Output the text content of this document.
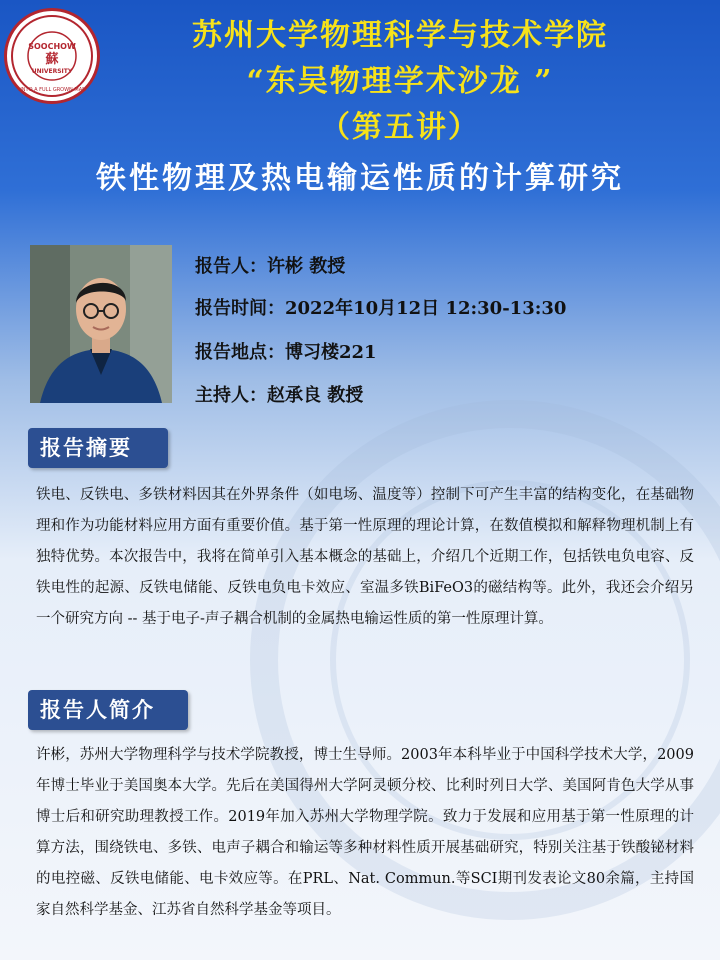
SOOCHOW
蘇
UNIVERSITY
UNTO A FULL GROWN MAN
苏州大学物理科学与技术学院
“东吴物理学术沙龙 ”
（第五讲）
铁性物理及热电输运性质的计算研究
报告人：许彬 教授
报告时间：2022年10月12日 12:30-13:30
报告地点：博习楼221
主持人：赵承良 教授
报告摘要
铁电、反铁电、多铁材料因其在外界条件（如电场、温度等）控制下可产生丰富的结构变化，在基础物理和作为功能材料应用方面有重要价值。基于第一性原理的理论计算，在数值模拟和解释物理机制上有独特优势。本次报告中，我将在简单引入基本概念的基础上，介绍几个近期工作，包括铁电负电容、反铁电性的起源、反铁电储能、反铁电负电卡效应、室温多铁BiFeO3的磁结构等。此外，我还会介绍另一个研究方向 -- 基于电子-声子耦合机制的金属热电输运性质的第一性原理计算。
报告人简介
许彬，苏州大学物理科学与技术学院教授，博士生导师。2003年本科毕业于中国科学技术大学，2009年博士毕业于美国奥本大学。先后在美国得州大学阿灵顿分校、比利时列日大学、美国阿肯色大学从事博士后和研究助理教授工作。2019年加入苏州大学物理学院。致力于发展和应用基于第一性原理的计算方法，围绕铁电、多铁、电声子耦合和输运等多种材料性质开展基础研究，特别关注基于铁酸铋材料的电控磁、反铁电储能、电卡效应等。在PRL、Nat. Commun.等SCI期刊发表论文80余篇，主持国家自然科学基金、江苏省自然科学基金等项目。
